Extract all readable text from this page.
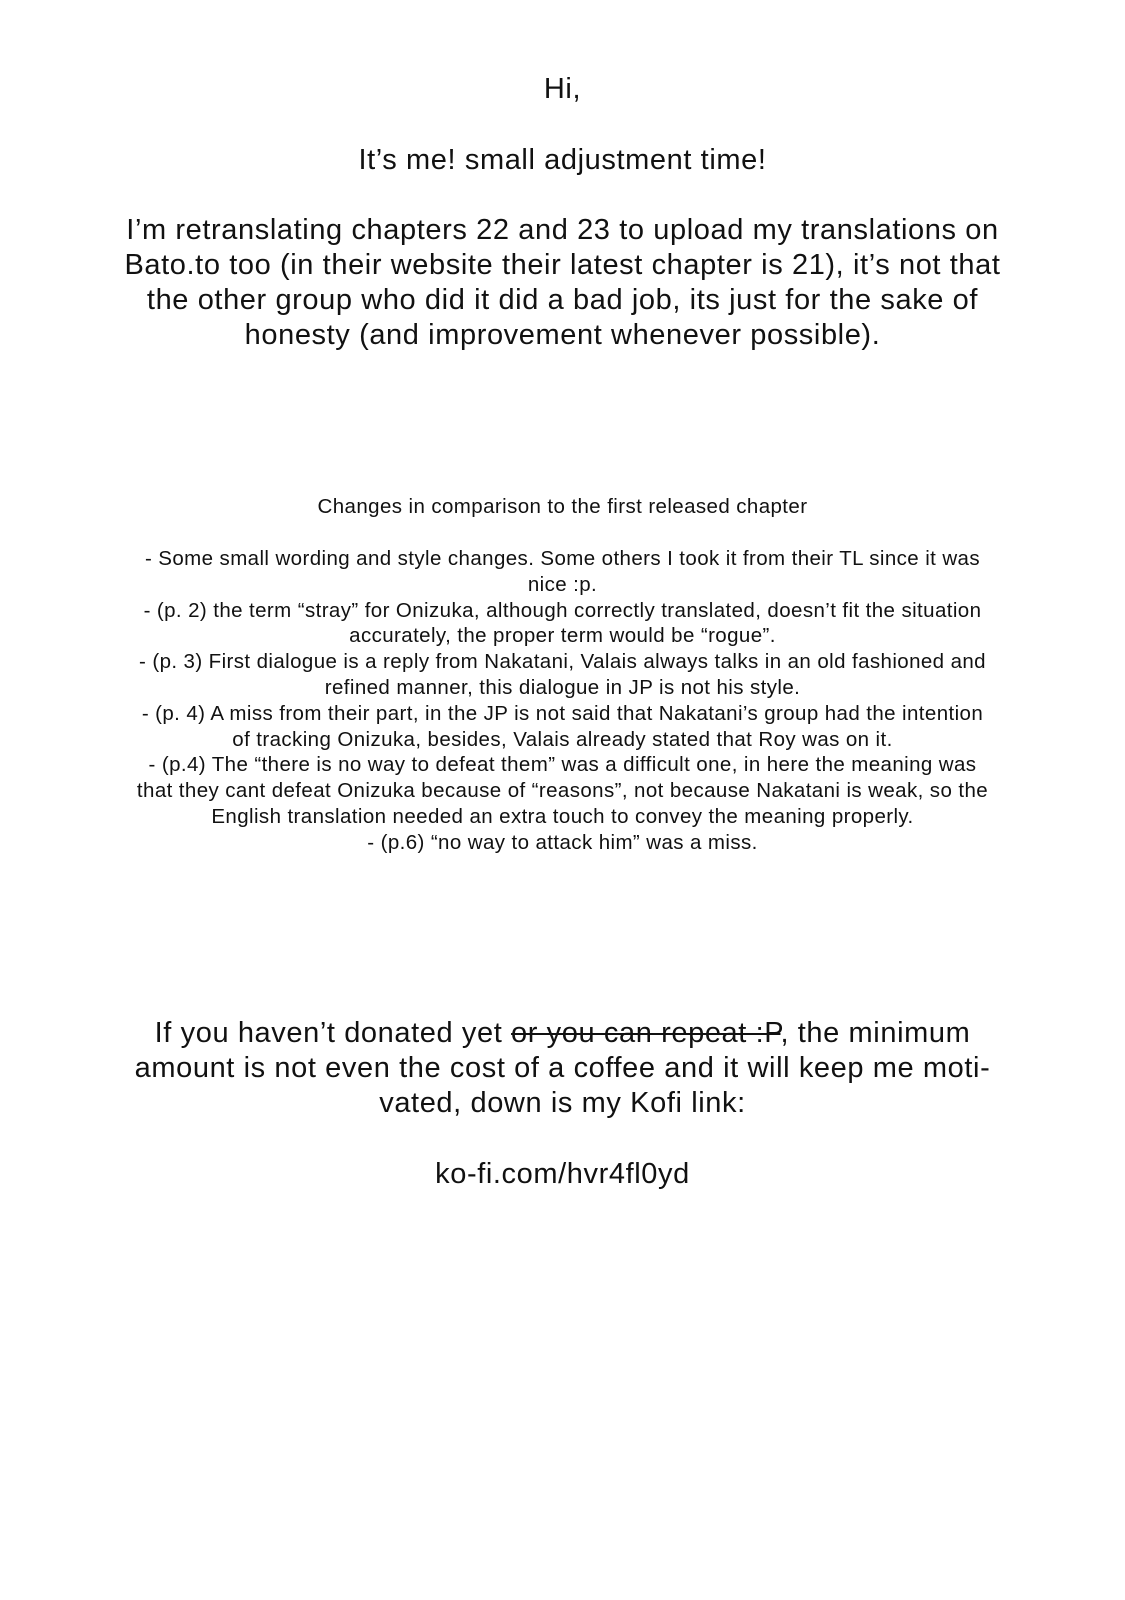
Hi,

It’s me! small adjustment time!

I’m retranslating chapters 22 and 23 to upload my translations on
Bato.to too (in their website their latest chapter is 21), it’s not that
the other group who did it did a bad job, its just for the sake of
honesty (and improvement whenever possible).

Changes in comparison to the first released chapter

- Some small wording and style changes. Some others I took it from their TL since it was
nice :p.
- (p. 2) the term “stray” for Onizuka, although correctly translated, doesn’t fit the situation
accurately, the proper term would be “rogue”.
- (p. 3) First dialogue is a reply from Nakatani, Valais always talks in an old fashioned and
refined manner, this dialogue in JP is not his style.
- (p. 4) A miss from their part, in the JP is not said that Nakatani’s group had the intention
of tracking Onizuka, besides, Valais already stated that Roy was on it.
- (p.4) The “there is no way to defeat them” was a difficult one, in here the meaning was
that they cant defeat Onizuka because of “reasons”, not because Nakatani is weak, so the
English translation needed an extra touch to convey the meaning properly.
- (p.6) “no way to attack him” was a miss.
If you haven’t donated yet or you can repeat :P, the minimum
amount is not even the cost of a coffee and it will keep me moti-
vated, down is my Kofi link:

ko-fi.com/hvr4fl0yd
